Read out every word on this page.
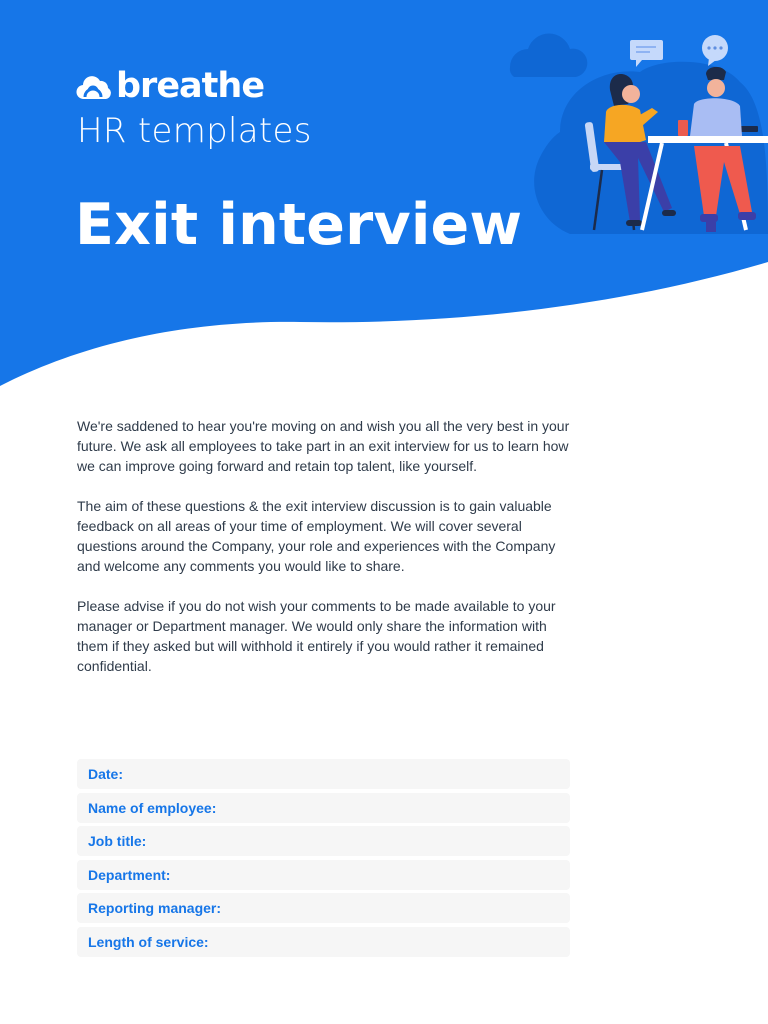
breathe
HR templates
Exit interview

We're saddened to hear you're moving on and wish you all the very best in your future. We ask all employees to take part in an exit interview for us to learn how we can improve going forward and retain top talent, like yourself.

The aim of these questions & the exit interview discussion is to gain valuable feedback on all areas of your time of employment. We will cover several questions around the Company, your role and experiences with the Company and welcome any comments you would like to share.

Please advise if you do not wish your comments to be made available to your manager or Department manager. We would only share the information with them if they asked but will withhold it entirely if you would rather it remained confidential.

Date:
Name of employee:
Job title:
Department:
Reporting manager:
Length of service:
